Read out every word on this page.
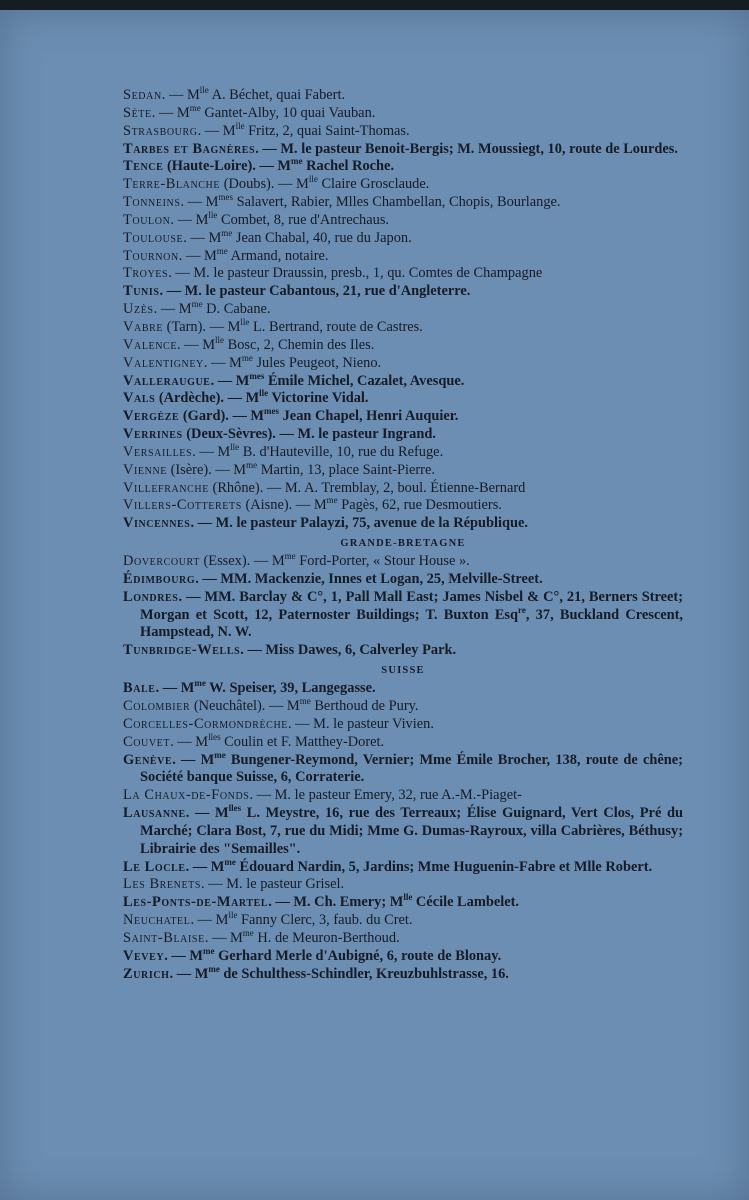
Sedan. — $M^{lle}$ A. Béchet, quai Fabert.
Sète. — $M^{me}$ Gantet-Alby, 10 quai Vauban.
Strasbourg. — $M^{lle}$ Fritz, 2, quai Saint-Thomas.
Tarbes et Bagnères. — M. le pasteur Benoit-Bergis; M. Moussiegt, 10, route de Lourdes.
Tence (Haute-Loire). — $M^{me}$ Rachel Roche.
Terre-Blanche (Doubs). — $M^{lle}$ Claire Grosclaude.
Tonneins. — $M^{mes}$ Salavert, Rabier, Mlles Chambellan, Chopis, Bourlange.
Toulon. — $M^{lle}$ Combet, 8, rue d'Antrechaus.
Toulouse. — $M^{me}$ Jean Chabal, 40, rue du Japon.
Tournon. — $M^{me}$ Armand, notaire.
Troyes. — M. le pasteur Draussin, presb., 1, qu. Comtes de Champagne
Tunis. — M. le pasteur Cabantous, 21, rue d'Angleterre.
Uzès. — $M^{me}$ D. Cabane.
Vabre (Tarn). — $M^{lle}$ L. Bertrand, route de Castres.
Valence. — $M^{lle}$ Bosc, 2, Chemin des Iles.
Valentigney. — $M^{me}$ Jules Peugeot, Nieno.
Valleraugue. — $M^{mes}$ Émile Michel, Cazalet, Avesque.
Vals (Ardèche). — $M^{lle}$ Victorine Vidal.
Vergèze (Gard). — $M^{mes}$ Jean Chapel, Henri Auquier.
Verrines (Deux-Sèvres). — M. le pasteur Ingrand.
Versailles. — $M^{lle}$ B. d'Hauteville, 10, rue du Refuge.
Vienne (Isère). — $M^{me}$ Martin, 13, place Saint-Pierre.
Villefranche (Rhône). — M. A. Tremblay, 2, boul. Étienne-Bernard
Villers-Cotterets (Aisne). — $M^{me}$ Pagès, 62, rue Desmoutiers.
Vincennes. — M. le pasteur Palayzi, 75, avenue de la République.
GRANDE-BRETAGNE
Dovercourt (Essex). — $M^{me}$ Ford-Porter, « Stour House ».
Édimbourg. — MM. Mackenzie, Innes et Logan, 25, Melville-Street.
Londres. — MM. Barclay & C°, 1, Pall Mall East; James Nisbel & C°, 21, Berners Street; Morgan et Scott, 12, Paternoster Buildings; T. Buxton Esq$^{re}$, 37, Buckland Crescent, Hampstead, N. W.
Tunbridge-Wells. — Miss Dawes, 6, Calverley Park.
SUISSE
Bale. — $M^{me}$ W. Speiser, 39, Langegasse.
Colombier (Neuchâtel). — $M^{me}$ Berthoud de Pury.
Corcelles-Cormondrèche. — M. le pasteur Vivien.
Couvet. — $M^{lles}$ Coulin et F. Matthey-Doret.
Genève. — $M^{me}$ Bungener-Reymond, Vernier; Mme Émile Brocher, 138, route de chêne; Société banque Suisse, 6, Corraterie.
La Chaux-de-Fonds. — M. le pasteur Emery, 32, rue A.-M.-Piaget-
Lausanne. — $M^{lles}$ L. Meystre, 16, rue des Terreaux; Élise Guignard, Vert Clos, Pré du Marché; Clara Bost, 7, rue du Midi; Mme G. Dumas-Rayroux, villa Cabrières, Béthusy; Librairie des "Semailles".
Le Locle. — $M^{me}$ Édouard Nardin, 5, Jardins; Mme Huguenin-Fabre et Mlle Robert.
Les Brenets. — M. le pasteur Grisel.
Les-Ponts-de-Martel. — M. Ch. Emery; $M^{lle}$ Cécile Lambelet.
Neuchatel. — $M^{lle}$ Fanny Clerc, 3, faub. du Cret.
Saint-Blaise. — $M^{me}$ H. de Meuron-Berthoud.
Vevey. — $M^{me}$ Gerhard Merle d'Aubigné, 6, route de Blonay.
Zurich. — $M^{me}$ de Schulthess-Schindler, Kreuzbuhlstrasse, 16.
